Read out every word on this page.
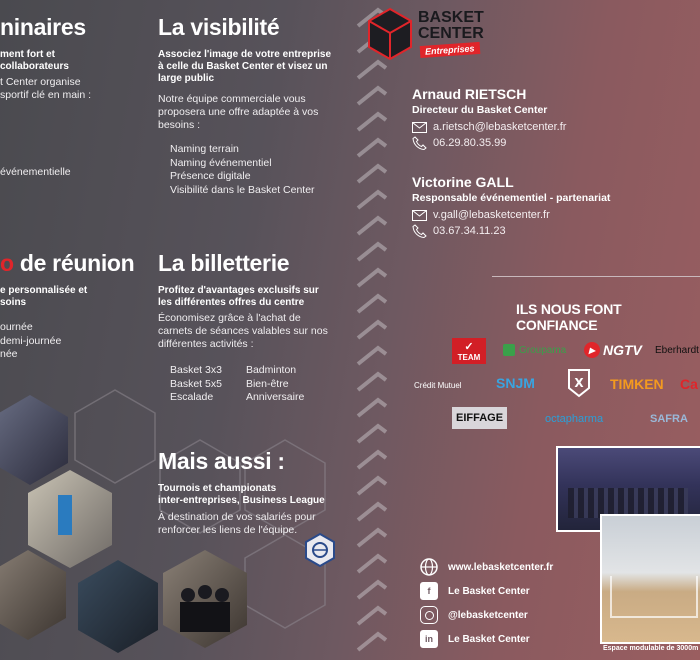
ninaires
ment fort et
collaborateurs
t Center organise
sportif clé en main :
événementielle
o de réunion
e personnalisée et
soins
ournée
demi-journée
née
La visibilité
Associez l'image de votre entreprise
à celle du Basket Center et visez un
large public
Notre équipe commerciale vous
proposera une offre adaptée à vos
besoins :
Naming terrain
Naming événementiel
Présence digitale
Visibilité dans le Basket Center
La billetterie
Profitez d'avantages exclusifs sur
les différentes offres du centre
Économisez grâce à l'achat de
carnets de séances valables sur nos
différentes activités :
Basket 3x3
Basket 5x5
Escalade
Badminton
Bien-être
Anniversaire
Mais aussi :
Tournois et championats
inter-entreprises, Business League
À destination de vos salariés pour
renforcer les liens de l'équipe.
BASKET
CENTER
Entreprises
Arnaud RIETSCH
Directeur du Basket Center
a.rietsch@lebasketcenter.fr
06.29.80.35.99
Victorine GALL
Responsable événementiel - partenariat
v.gall@lebasketcenter.fr
03.67.34.11.23
ILS NOUS FONT CONFIANCE
✓
TEAM
Groupama	▶ NGTV Eberhardt
Crédit Mutuel SNJM	X TIMKEN Ca
EIFFAGE	octapharma	SAFRA
Espace modulable de 3000m
www.lebasketcenter.fr
f	Le Basket Center
@lebasketcenter
in	Le Basket Center
